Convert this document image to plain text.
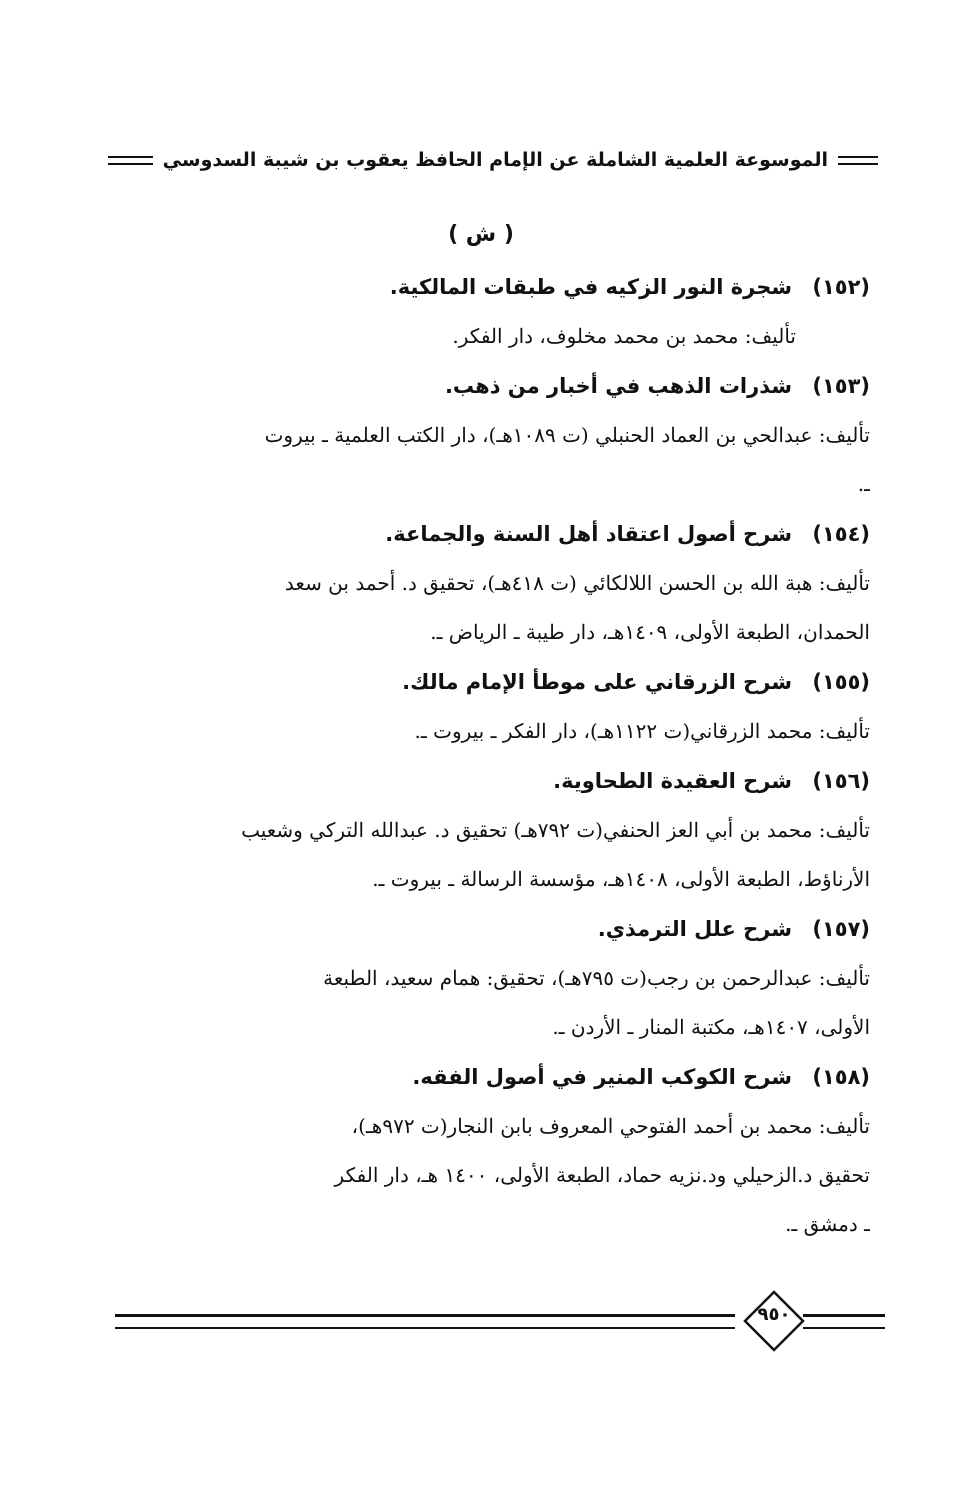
الموسوعة العلمية الشاملة عن الإمام الحافظ يعقوب بن شيبة السدوسي
( ش )
(١٥٢)
شجرة النور الزكيه في طبقات المالكية.
تأليف: محمد بن محمد مخلوف، دار الفكر.
(١٥٣)
شذرات الذهب في أخبار من ذهب.
تأليف: عبدالحي بن العماد الحنبلي (ت ١٠٨٩هـ)، دار الكتب العلمية ـ بيروت
ـ.
(١٥٤)
شرح أصول اعتقاد أهل السنة والجماعة.
تأليف: هبة الله بن الحسن اللالكائي (ت ٤١٨هـ)، تحقيق د. أحمد بن سعد
الحمدان، الطبعة الأولى، ١٤٠٩هـ، دار طيبة ـ الرياض ـ.
(١٥٥)
شرح الزرقاني على موطأ الإمام مالك.
تأليف: محمد الزرقاني(ت ١١٢٢هـ)، دار الفكر ـ بيروت ـ.
(١٥٦)
شرح العقيدة الطحاوية.
تأليف: محمد بن أبي العز الحنفي(ت ٧٩٢هـ) تحقيق د. عبدالله التركي وشعيب
الأرناؤط، الطبعة الأولى، ١٤٠٨هـ، مؤسسة الرسالة ـ بيروت ـ.
(١٥٧)
شرح علل الترمذي.
تأليف: عبدالرحمن بن رجب(ت ٧٩٥هـ)، تحقيق: همام سعيد، الطبعة
الأولى، ١٤٠٧هـ، مكتبة المنار ـ الأردن ـ.
(١٥٨)
شرح الكوكب المنير في أصول الفقه.
تأليف: محمد بن أحمد الفتوحي المعروف بابن النجار(ت ٩٧٢هـ)،
تحقيق د.الزحيلي ود.نزيه حماد، الطبعة الأولى، ١٤٠٠ هـ، دار الفكر
ـ دمشق ـ.
٩٥٠
